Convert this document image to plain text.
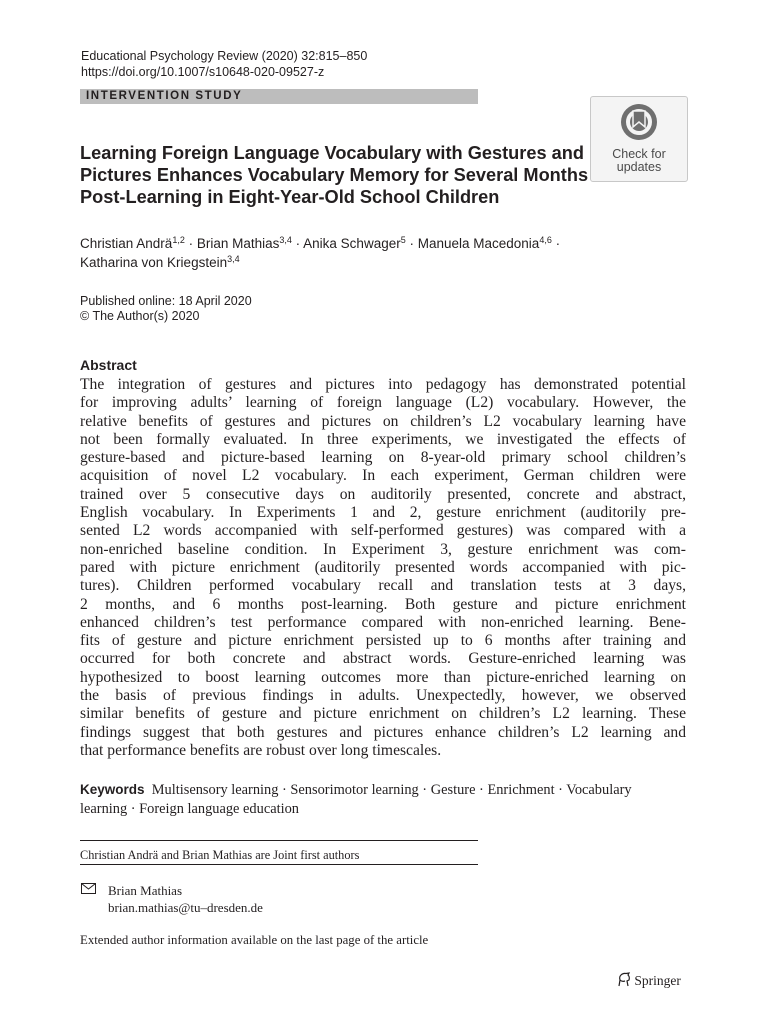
Educational Psychology Review (2020) 32:815–850
https://doi.org/10.1007/s10648-020-09527-z
INTERVENTION STUDY
Check for
updates
Learning Foreign Language Vocabulary with Gestures and Pictures Enhances Vocabulary Memory for Several Months Post-Learning in Eight-Year-Old School Children
Christian Andrä$^{1,2}$ · Brian Mathias$^{3,4}$ · Anika Schwager$^5$ · Manuela Macedonia$^{4,6}$ ·
Katharina von Kriegstein$^{3,4}$
Published online: 18 April 2020
© The Author(s) 2020
Abstract
The integration of gestures and pictures into pedagogy has demonstrated potential
for improving adults’ learning of foreign language (L2) vocabulary. However, the
relative benefits of gestures and pictures on children’s L2 vocabulary learning have
not been formally evaluated. In three experiments, we investigated the effects of
gesture-based and picture-based learning on 8-year-old primary school children’s
acquisition of novel L2 vocabulary. In each experiment, German children were
trained over 5 consecutive days on auditorily presented, concrete and abstract,
English vocabulary. In Experiments 1 and 2, gesture enrichment (auditorily pre-
sented L2 words accompanied with self-performed gestures) was compared with a
non-enriched baseline condition. In Experiment 3, gesture enrichment was com-
pared with picture enrichment (auditorily presented words accompanied with pic-
tures). Children performed vocabulary recall and translation tests at 3 days,
2 months, and 6 months post-learning. Both gesture and picture enrichment
enhanced children’s test performance compared with non-enriched learning. Bene-
fits of gesture and picture enrichment persisted up to 6 months after training and
occurred for both concrete and abstract words. Gesture-enriched learning was
hypothesized to boost learning outcomes more than picture-enriched learning on
the basis of previous findings in adults. Unexpectedly, however, we observed
similar benefits of gesture and picture enrichment on children’s L2 learning. These
findings suggest that both gestures and pictures enhance children’s L2 learning and
that performance benefits are robust over long timescales.
Keywords Multisensory learning · Sensorimotor learning · Gesture · Enrichment · Vocabulary
learning · Foreign language education
Christian Andrä and Brian Mathias are Joint first authors
Brian Mathias
brian.mathias@tu–dresden.de
Extended author information available on the last page of the article
Springer
